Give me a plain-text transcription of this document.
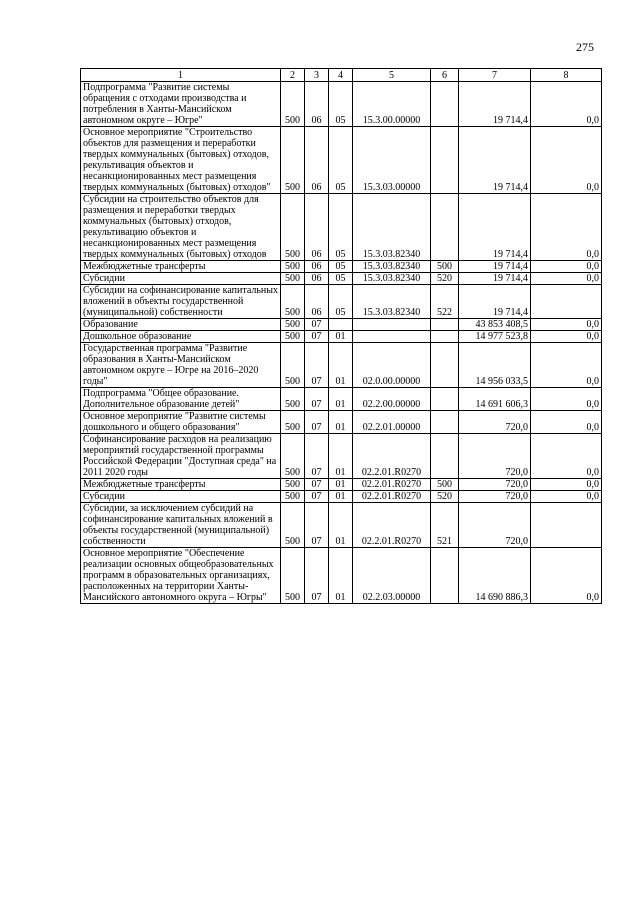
275
1	2	3	4	5	6	7	8
Подпрограмма "Развитие системы обращения с отходами производства и потребления в Ханты-Мансийском автономном округе – Югре"	500	06	05	15.3.00.00000		19 714,4	0,0
Основное мероприятие "Строительство объектов для размещения и переработки твердых коммунальных (бытовых) отходов, рекультивация объектов и несанкционированных мест размещения твердых коммунальных (бытовых) отходов"	500	06	05	15.3.03.00000		19 714,4	0,0
Субсидии на строительство объектов для размещения и переработки твердых коммунальных (бытовых) отходов, рекультивацию объектов и несанкционированных мест размещения твердых коммунальных (бытовых) отходов	500	06	05	15.3.03.82340		19 714,4	0,0
Межбюджетные трансферты	500	06	05	15.3.03.82340	500	19 714,4	0,0
Субсидии	500	06	05	15.3.03.82340	520	19 714,4	0,0
Субсидии на софинансирование капитальных вложений в объекты государственной (муниципальной) собственности	500	06	05	15.3.03.82340	522	19 714,4	
Образование	500	07				43 853 408,5	0,0
Дошкольное образование	500	07	01			14 977 523,8	0,0
Государственная программа "Развитие образования в Ханты-Мансийском автономном округе – Югре на 2016–2020 годы"	500	07	01	02.0.00.00000		14 956 033,5	0,0
Подпрограмма "Общее образование. Дополнительное образование детей"	500	07	01	02.2.00.00000		14 691 606,3	0,0
Основное мероприятие "Развитие системы дошкольного и общего образования"	500	07	01	02.2.01.00000		720,0	0,0
Софинансирование расходов на реализацию мероприятий государственной программы Российской Федерации "Доступная среда" на 2011 2020 годы	500	07	01	02.2.01.R0270		720,0	0,0
Межбюджетные трансферты	500	07	01	02.2.01.R0270	500	720,0	0,0
Субсидии	500	07	01	02.2.01.R0270	520	720,0	0,0
Субсидии, за исключением субсидий на софинансирование капитальных вложений в объекты государственной (муниципальной) собственности	500	07	01	02.2.01.R0270	521	720,0	
Основное мероприятие "Обеспечение реализации основных общеобразовательных программ в образовательных организациях, расположенных на территории Ханты-Мансийского автономного округа – Югры"	500	07	01	02.2.03.00000		14 690 886,3	0,0
